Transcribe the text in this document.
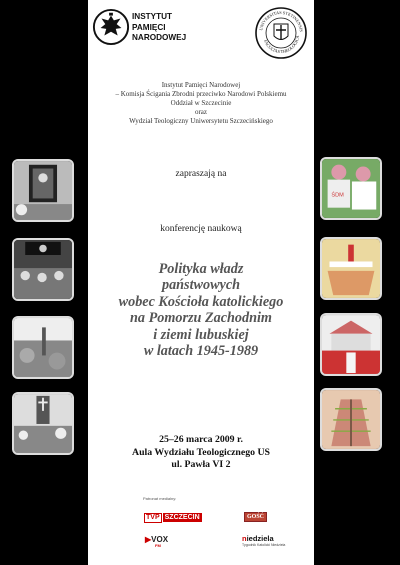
INSTYTUT
PAMIĘCI
NARODOWEJ
UNIVERSITAS STETINENSIS
FACULTAS THEOLOGICA
Instytut Pamięci Narodowej
– Komisja Ścigania Zbrodni przeciwko Narodowi Polskiemu
Oddział w Szczecinie
oraz
Wydział Teologiczny Uniwersytetu Szczecińskiego
zapraszają na
konferencję naukową
Polityka władz
państwowych
wobec Kościoła katolickiego
na Pomorzu Zachodnim
i ziemi lubuskiej
w latach 1945-1989
25–26 marca 2009 r.
Aula Wydziału Teologicznego US
ul. Pawła VI 2
Patronat medialny:
TVP SZCZECIN	GOŚĆ
▶VOX
FM
niedziela
Tygodnik Katolicki Niedziela
ŚDM
